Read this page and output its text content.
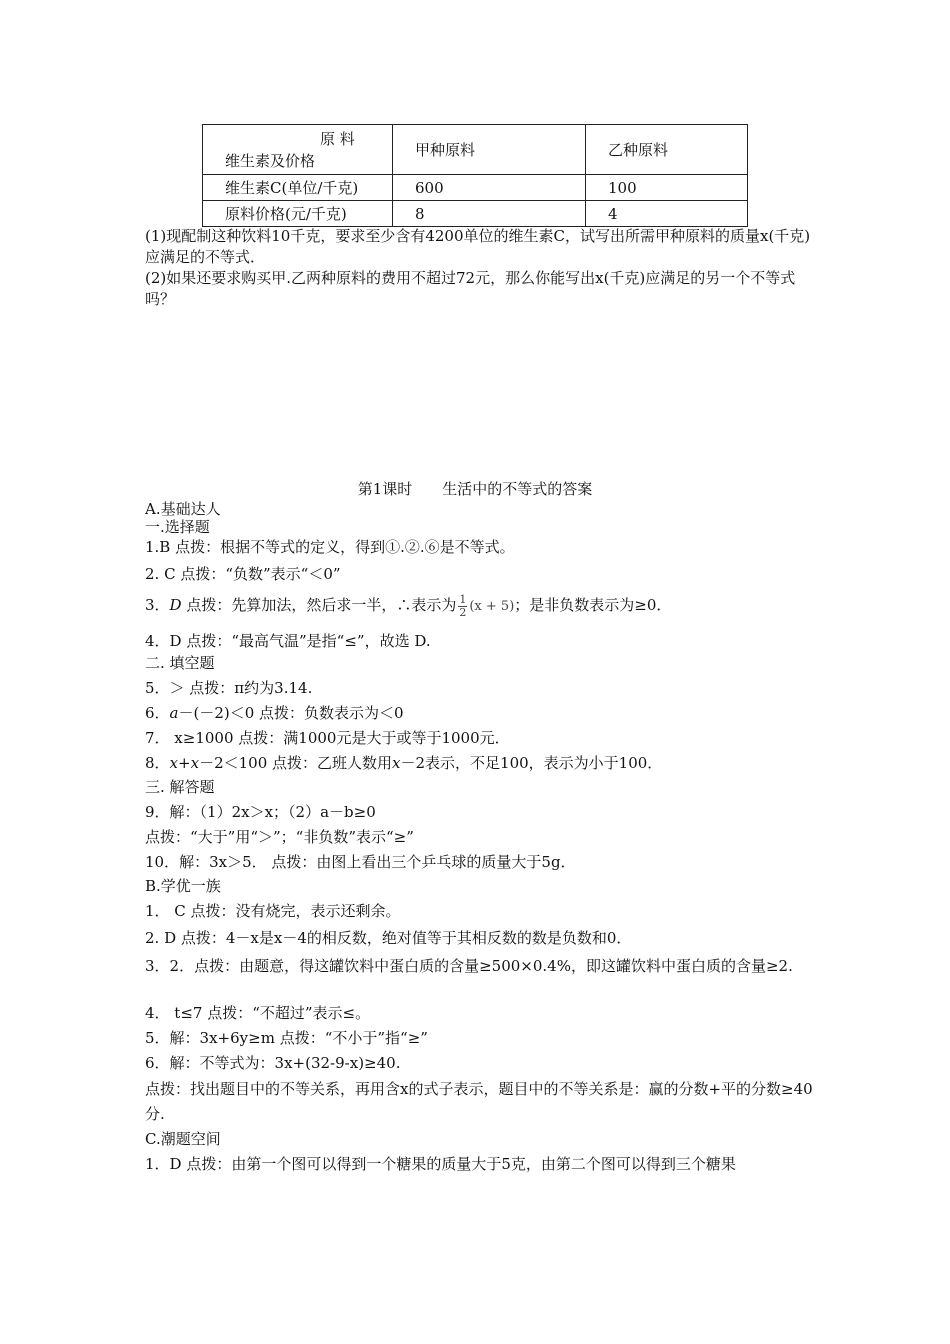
原 料
维生素及价格	甲种原料	乙种原料
维生素C(单位/千克)	600	100
原料价格(元/千克)	8	4
(1)现配制这种饮料10千克，要求至少含有4200单位的维生素C，试写出所需甲种原料的质量x(千克)应满足的不等式．
(2)如果还要求购买甲.乙两种原料的费用不超过72元，那么你能写出x(千克)应满足的另一个不等式吗？
第1课时　　生活中的不等式的答案
A.基础达人
一.选择题
1.B 点拨：根据不等式的定义，得到①.②.⑥是不等式。
2. C 点拨：“负数”表示“＜0”
3．D 点拨：先算加法，然后求一半，∴表示为 $\frac{1}{2} (x + 5)$；是非负数表示为≥0．
4．D 点拨：“最高气温”是指“≤”，故选 D.
二. 填空题
5．＞ 点拨：π约为3.14.
6．a－(－2)＜0 点拨：负数表示为＜0
7． x≥1000 点拨：满1000元是大于或等于1000元．
8．x+x－2＜100 点拨：乙班人数用x－2表示，不足100，表示为小于100．
三. 解答题
9．解：（1）2x＞x；（2）a－b≥0
点拨：“大于”用“＞”；“非负数”表示“≥”
10．解：3x＞5． 点拨：由图上看出三个乒乓球的质量大于5g．
B.学优一族
1． C 点拨：没有烧完，表示还剩余。
2. D 点拨：4－x是x－4的相反数，绝对值等于其相反数的数是负数和0．
3．2．点拨：由题意，得这罐饮料中蛋白质的含量≥500×0.4%，即这罐饮料中蛋白质的含量≥2.
4． t≤7 点拨：“不超过”表示≤。
5．解：3x+6y≥m 点拨：“不小于”指“≥”
6．解：不等式为：3x+(32-9-x)≥40.
点拨：找出题目中的不等关系，再用含x的式子表示，题目中的不等关系是：赢的分数+平的分数≥40分.
C.潮题空间
1．D 点拨：由第一个图可以得到一个糖果的质量大于5克，由第二个图可以得到三个糖果
